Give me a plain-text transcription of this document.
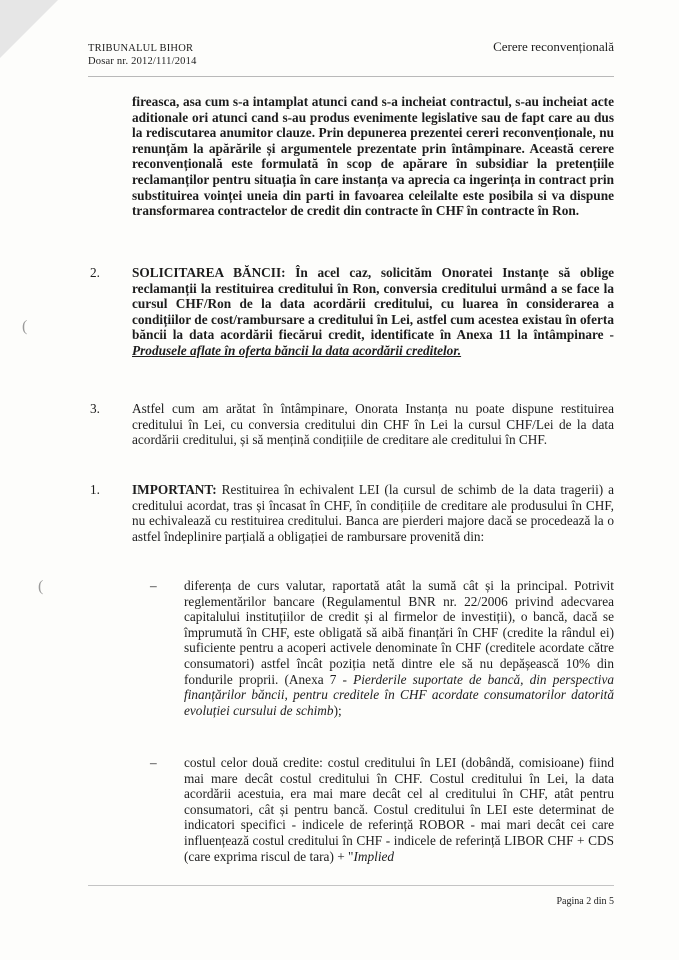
TRIBUNALUL BIHOR
Dosar nr. 2012/111/2014
Cerere reconvențională

fireasca, asa cum s-a intamplat atunci cand s-a incheiat contractul, s-au incheiat acte aditionale ori atunci cand s-au produs evenimente legislative sau de fapt care au dus la rediscutarea anumitor clauze. Prin depunerea prezentei cereri reconvenționale, nu renunțăm la apărările și argumentele prezentate prin întâmpinare. Această cerere reconvențională este formulată în scop de apărare în subsidiar la pretențiile reclamanților pentru situația în care instanța va aprecia ca ingerința in contract prin substituirea voinței uneia din parti in favoarea celeilalte este posibila si va dispune transformarea contractelor de credit din contracte în CHF în contracte în Ron.

(
2. SOLICITAREA BĂNCII: În acel caz, solicităm Onoratei Instanțe să oblige reclamanții la restituirea creditului în Ron, conversia creditului urmând a se face la cursul CHF/Ron de la data acordării creditului, cu luarea în considerarea a condițiilor de cost/rambursare a creditului în Lei, astfel cum acestea existau în oferta băncii la data acordării fiecărui credit, identificate în Anexa 11 la întâmpinare - Produsele aflate în oferta băncii la data acordării creditelor.

3. Astfel cum am arătat în întâmpinare, Onorata Instanța nu poate dispune restituirea creditului în Lei, cu conversia creditului din CHF în Lei la cursul CHF/Lei de la data acordării creditului, și să mențină condițiile de creditare ale creditului în CHF.

1. IMPORTANT: Restituirea în echivalent LEI (la cursul de schimb de la data tragerii) a creditului acordat, tras și încasat în CHF, în condițiile de creditare ale produsului în CHF, nu echivalează cu restituirea creditului. Banca are pierderi majore dacă se procedează la o astfel îndeplinire parțială a obligației de rambursare provenită din:

(	– diferența de curs valutar, raportată atât la sumă cât și la principal. Potrivit reglementărilor bancare (Regulamentul BNR nr. 22/2006 privind adecvarea capitalului instituțiilor de credit și al firmelor de investiții), o bancă, dacă se împrumută în CHF, este obligată să aibă finanțări în CHF (credite la rândul ei) suficiente pentru a acoperi activele denominate în CHF (creditele acordate către consumatori) astfel încât poziția netă dintre ele să nu depășească 10% din fondurile proprii. (Anexa 7 - Pierderile suportate de bancă, din perspectiva finanțărilor băncii, pentru creditele în CHF acordate consumatorilor datorită evoluției cursului de schimb);

– costul celor două credite: costul creditului în LEI (dobândă, comisioane) fiind mai mare decât costul creditului în CHF. Costul creditului în Lei, la data acordării acestuia, era mai mare decât cel al creditului în CHF, atât pentru consumatori, cât și pentru bancă. Costul creditului în LEI este determinat de indicatori specifici - indicele de referință ROBOR - mai mari decât cei care influențează costul creditului în CHF - indicele de referință LIBOR CHF + CDS (care exprima riscul de tara) + "Implied

Pagina 2 din 5
